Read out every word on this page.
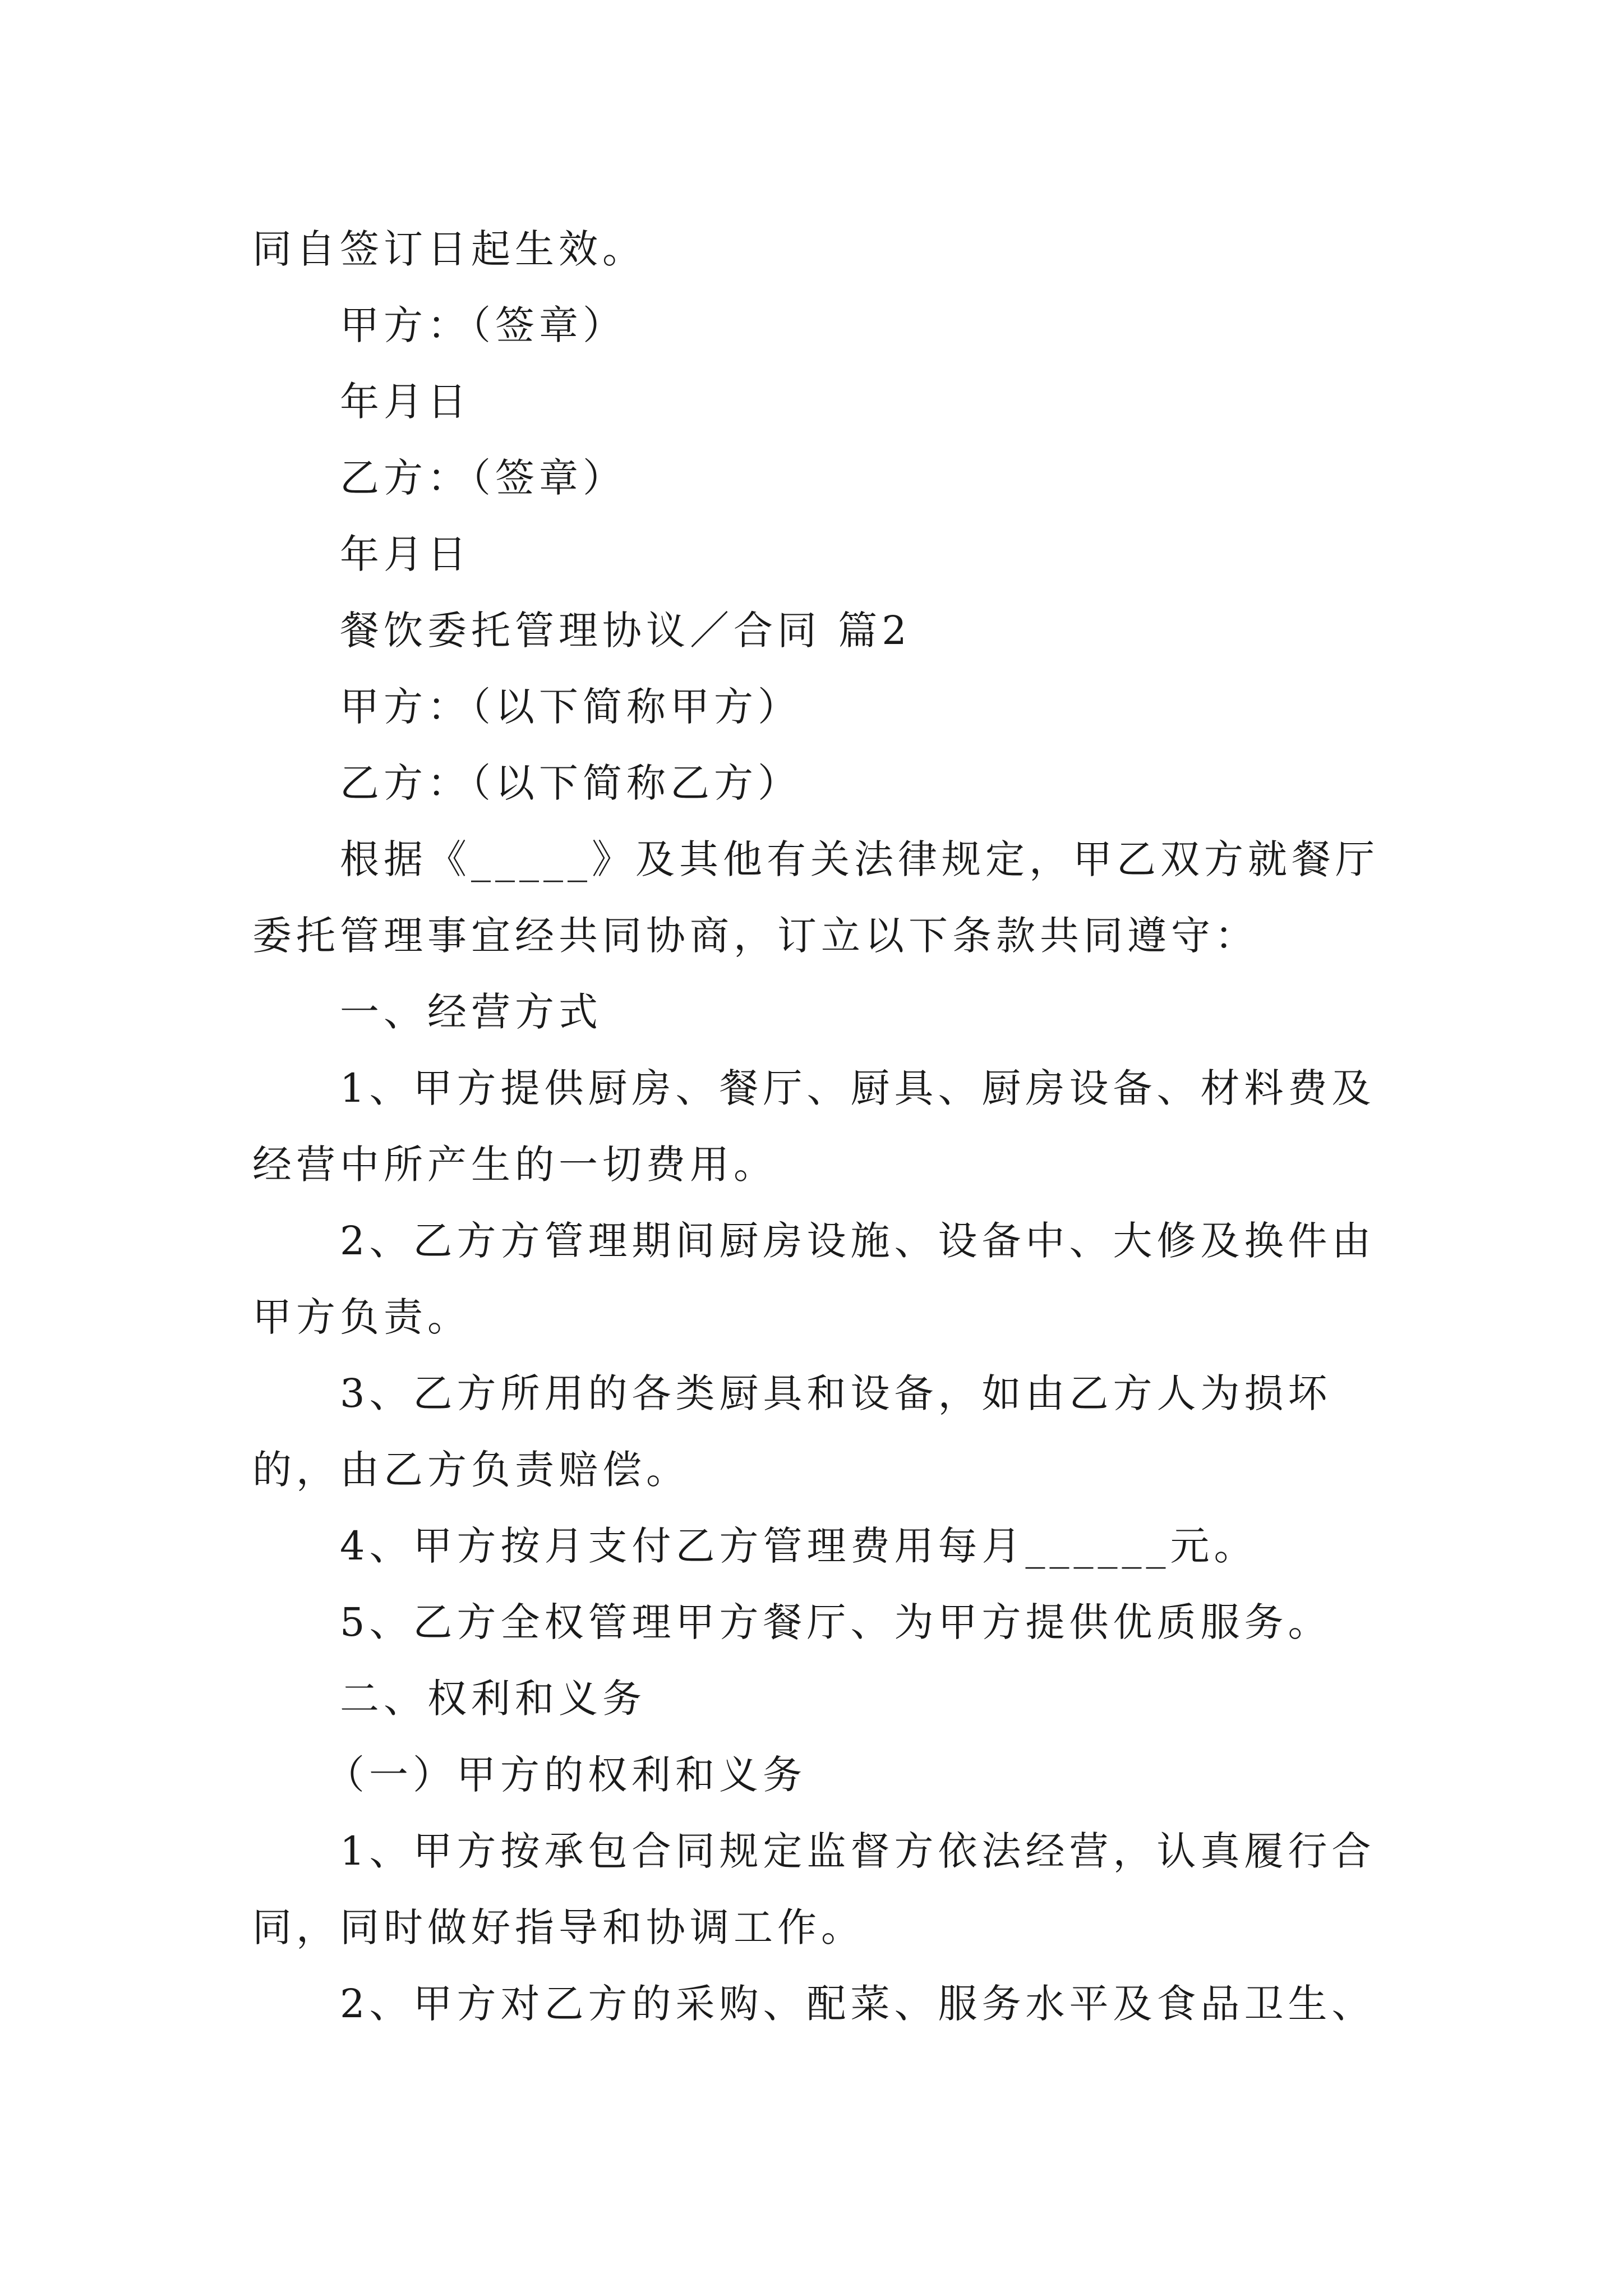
同自签订日起生效。

甲方：（签章）

年月日

乙方：（签章）

年月日

餐饮委托管理协议／合同 篇2

甲方：（以下简称甲方）

乙方：（以下简称乙方）

根据《_____》及其他有关法律规定，甲乙双方就餐厅委托管理事宜经共同协商，订立以下条款共同遵守：

一、经营方式

1、甲方提供厨房、餐厅、厨具、厨房设备、材料费及经营中所产生的一切费用。

2、乙方方管理期间厨房设施、设备中、大修及换件由甲方负责。

3、乙方所用的各类厨具和设备，如由乙方人为损坏的，由乙方负责赔偿。

4、甲方按月支付乙方管理费用每月______元。

5、乙方全权管理甲方餐厅、为甲方提供优质服务。

二、权利和义务

（一）甲方的权利和义务

1、甲方按承包合同规定监督方依法经营，认真履行合同，同时做好指导和协调工作。

2、甲方对乙方的采购、配菜、服务水平及食品卫生、
